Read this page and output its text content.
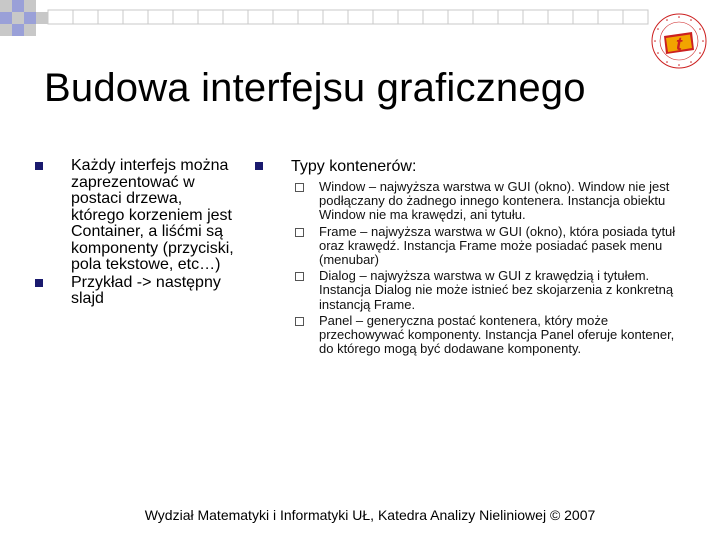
t
Budowa interfejsu graficznego
Każdy interfejs można zaprezentować w postaci drzewa, którego korzeniem jest Container, a liśćmi są komponenty (przyciski, pola tekstowe, etc…)
Przykład -> następny slajd
Typy kontenerów:
Window – najwyższa warstwa w GUI (okno). Window nie jest podłączany do żadnego innego kontenera. Instancja obiektu Window nie ma krawędzi, ani tytułu.
Frame – najwyższa warstwa w GUI (okno), która posiada tytuł oraz krawędź. Instancja Frame może posiadać pasek menu (menubar)
Dialog – najwyższa warstwa w GUI z krawędzią i tytułem. Instancja Dialog nie może istnieć bez skojarzenia z konkretną instancją Frame.
Panel – generyczna postać kontenera, który może przechowywać komponenty. Instancja Panel oferuje kontener, do którego mogą być dodawane komponenty.
Wydział Matematyki i Informatyki UŁ, Katedra Analizy Nieliniowej © 2007
